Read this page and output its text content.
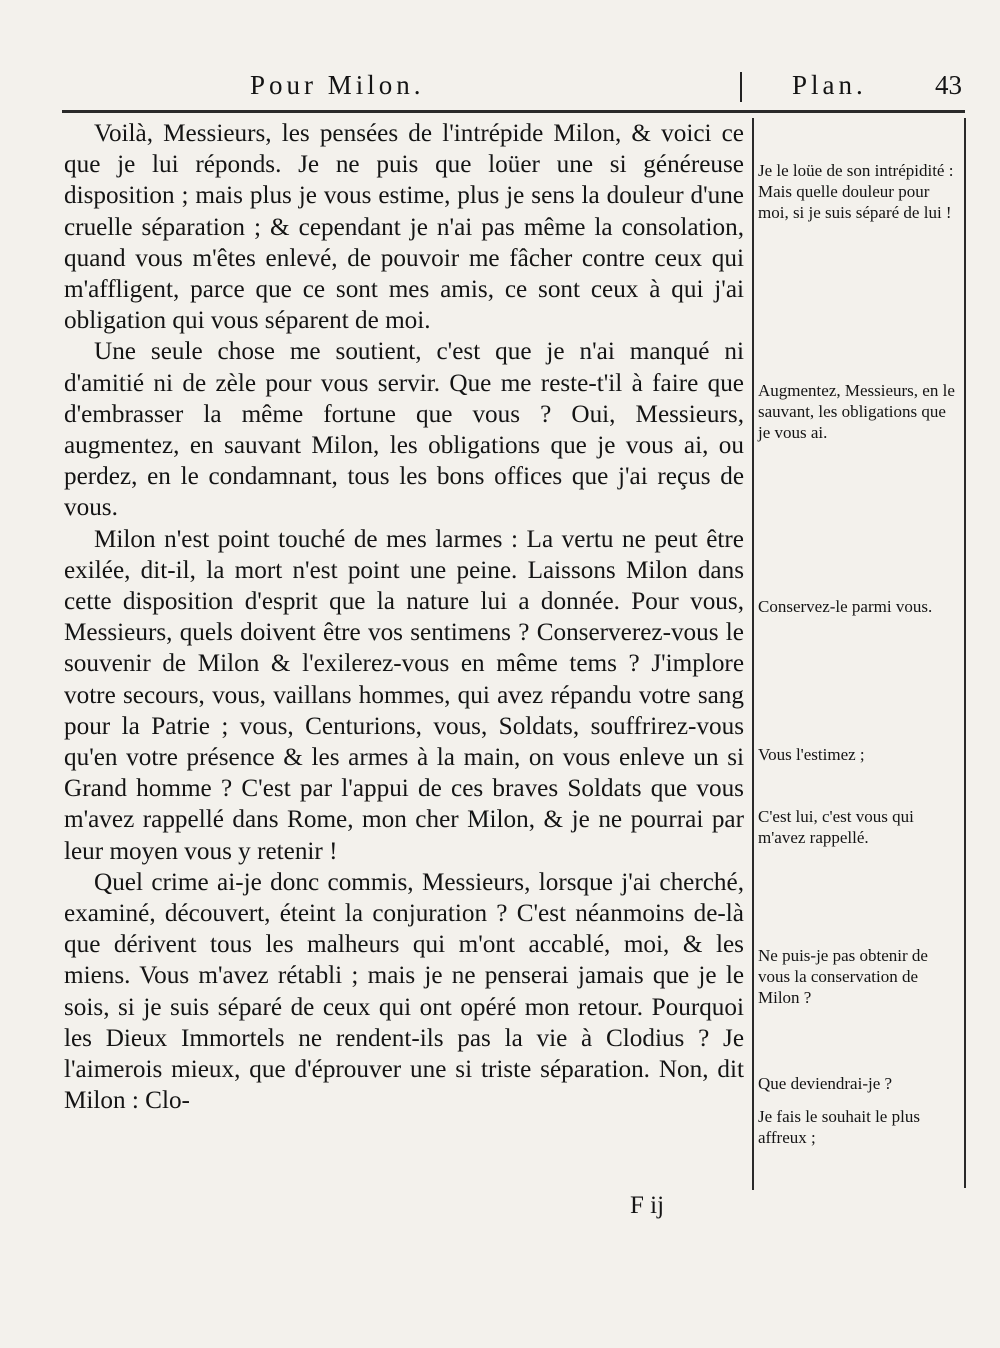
Pour Milon.	Plan.	43

Voilà, Messieurs, les pensées de l'intrépide Milon, & voici ce que je lui réponds. Je ne puis que loüer une si généreuse disposition ; mais plus je vous estime, plus je sens la douleur d'une cruelle séparation ; & cependant je n'ai pas même la consolation, quand vous m'êtes enlevé, de pouvoir me fâcher contre ceux qui m'affligent, parce que ce sont mes amis, ce sont ceux à qui j'ai obligation qui vous séparent de moi.

Une seule chose me soutient, c'est que je n'ai manqué ni d'amitié ni de zèle pour vous servir. Que me reste-t'il à faire que d'embrasser la même fortune que vous ? Oui, Messieurs, augmentez, en sauvant Milon, les obligations que je vous ai, ou perdez, en le condamnant, tous les bons offices que j'ai reçus de vous.

Milon n'est point touché de mes larmes : La vertu ne peut être exilée, dit-il, la mort n'est point une peine. Laissons Milon dans cette disposition d'esprit que la nature lui a donnée. Pour vous, Messieurs, quels doivent être vos sentimens ? Conserverez-vous le souvenir de Milon & l'exilerez-vous en même tems ? J'implore votre secours, vous, vaillans hommes, qui avez répandu votre sang pour la Patrie ; vous, Centurions, vous, Soldats, souffrirez-vous qu'en votre présence & les armes à la main, on vous enleve un si Grand homme ? C'est par l'appui de ces braves Soldats que vous m'avez rappellé dans Rome, mon cher Milon, & je ne pourrai par leur moyen vous y retenir !

Quel crime ai-je donc commis, Messieurs, lorsque j'ai cherché, examiné, découvert, éteint la conjuration ? C'est néanmoins de-là que dérivent tous les malheurs qui m'ont accablé, moi, & les miens. Vous m'avez rétabli ; mais je ne penserai jamais que je le sois, si je suis séparé de ceux qui ont opéré mon retour. Pourquoi les Dieux Immortels ne rendent-ils pas la vie à Clodius ? Je l'aimerois mieux, que d'éprouver une si triste séparation. Non, dit Milon : Clo-

Je le loüe de son intrépidité : Mais quelle douleur pour moi, si je suis séparé de lui !
Augmentez, Messieurs, en le sauvant, les obligations que je vous ai.
Conservez-le parmi vous.
Vous l'estimez ;
C'est lui, c'est vous qui m'avez rappellé.
Ne puis-je pas obtenir de vous la conservation de Milon ?
Que deviendrai-je ?
Je fais le souhait le plus affreux ;
F ij
